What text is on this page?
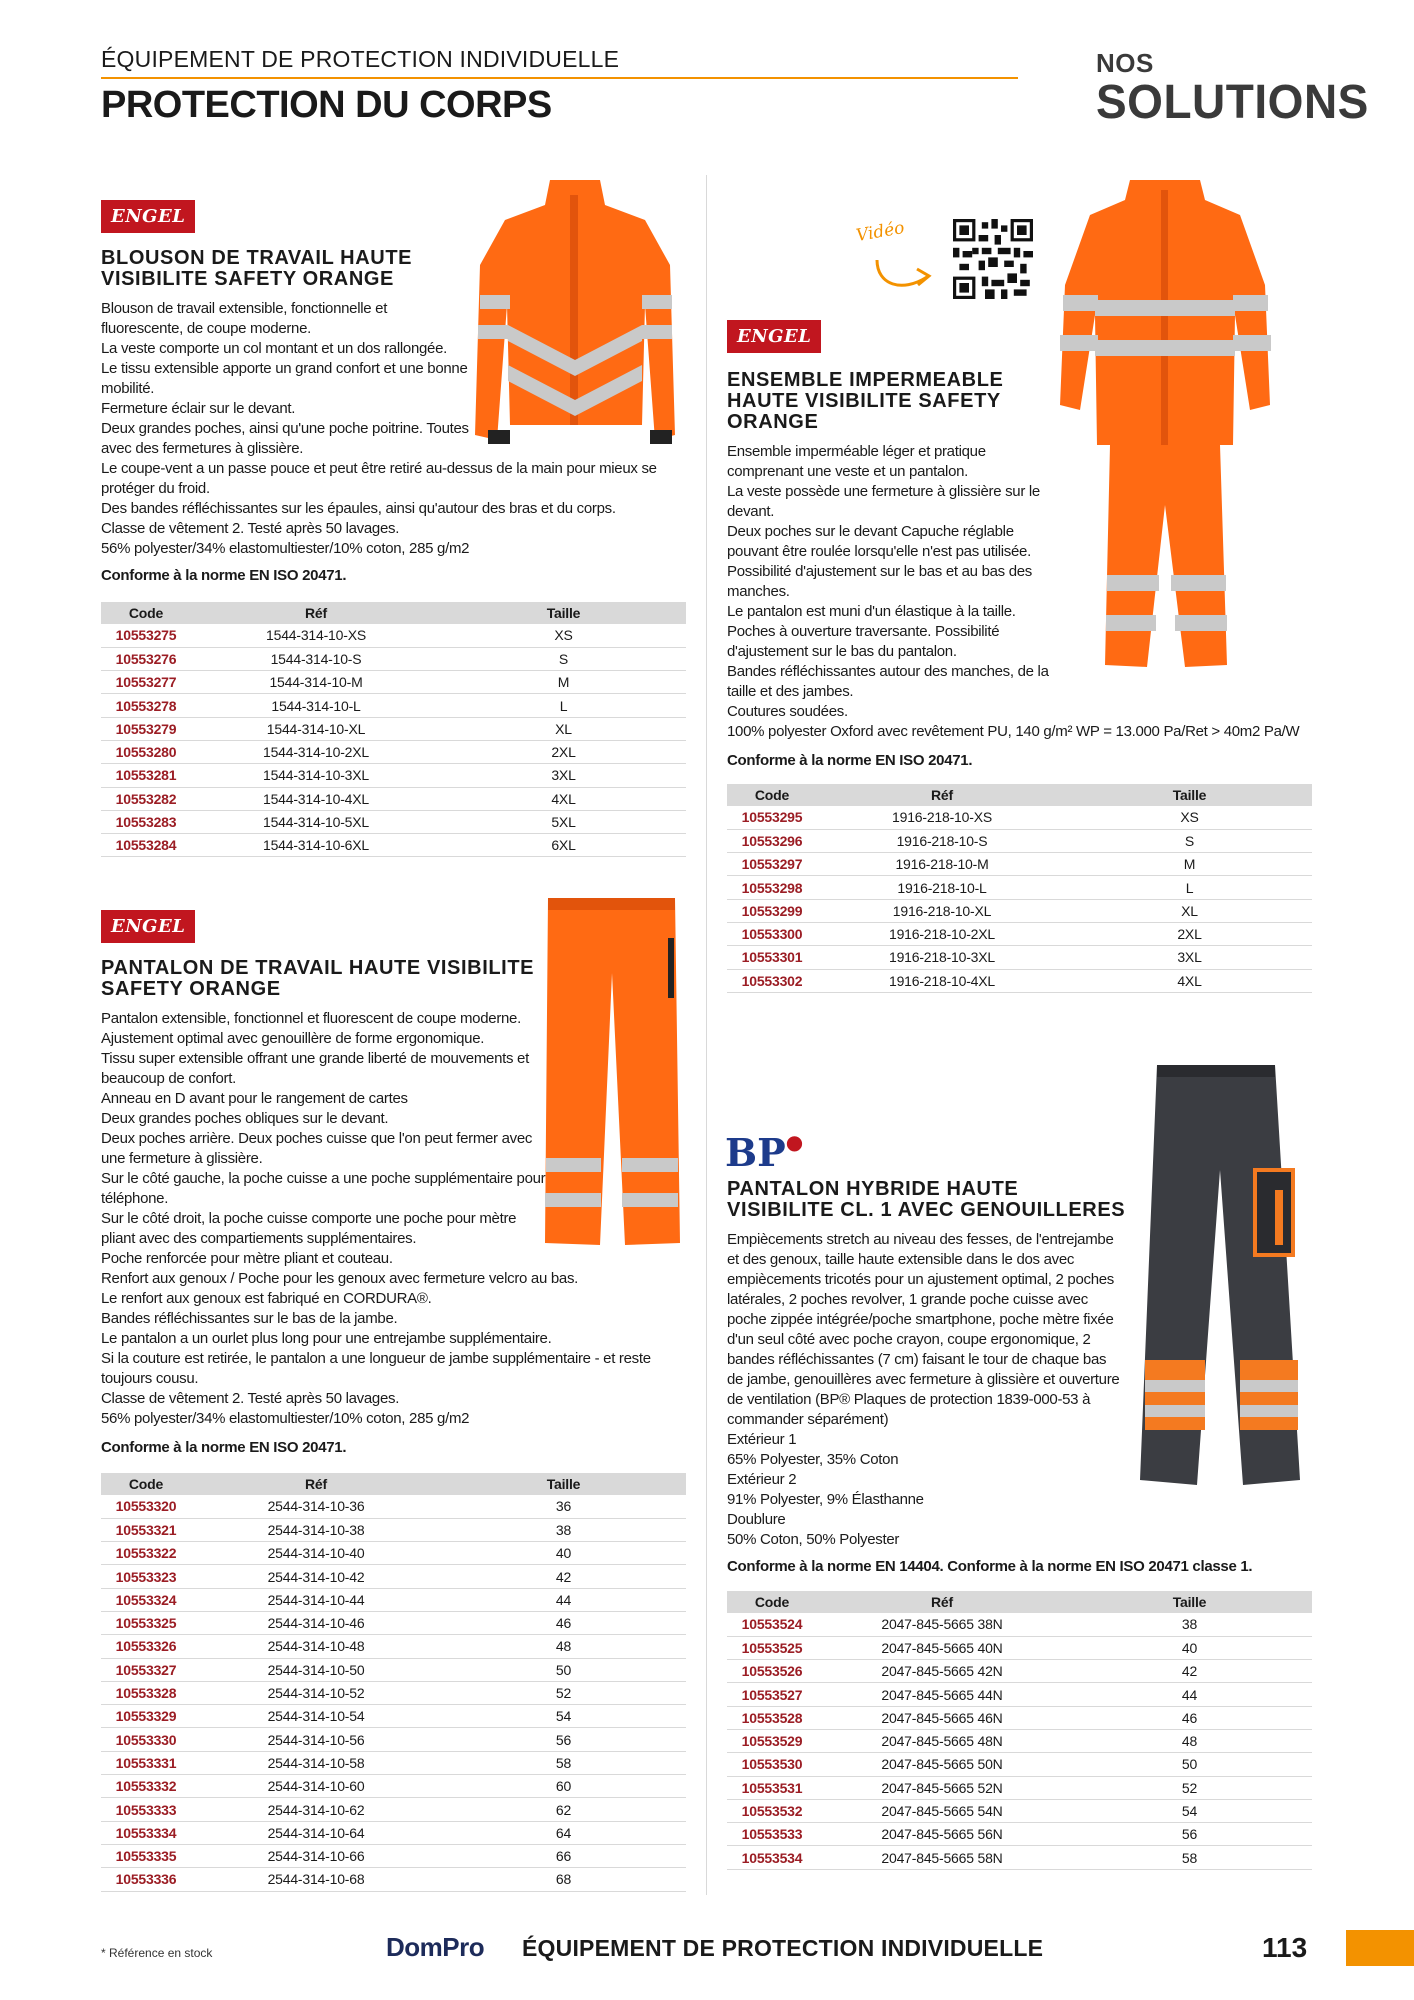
ÉQUIPEMENT DE PROTECTION INDIVIDUELLE
PROTECTION DU CORPS
NOS
SOLUTIONS
ENGEL
BLOUSON DE TRAVAIL HAUTE
VISIBILITE SAFETY ORANGE

Blouson de travail extensible, fonctionnelle et

fluorescente, de coupe moderne.

La veste comporte un col montant et un dos rallongée.

Le tissu extensible apporte un grand confort et une bonne

mobilité.

Fermeture éclair sur le devant.

Deux grandes poches, ainsi qu'une poche poitrine. Toutes

avec des fermetures à glissière.

Le coupe-vent a un passe pouce et peut être retiré au-dessus de la main pour mieux se

protéger du froid.

Des bandes réfléchissantes sur les épaules, ainsi qu'autour des bras et du corps.

Classe de vêtement 2. Testé après 50 lavages.

56% polyester/34% elastomultiester/10% coton, 285 g/m2

Conforme à la norme EN ISO 20471.
Code	Réf	Taille
10553275	1544-314-10-XS	XS
10553276	1544-314-10-S	S
10553277	1544-314-10-M	M
10553278	1544-314-10-L	L
10553279	1544-314-10-XL	XL
10553280	1544-314-10-2XL	2XL
10553281	1544-314-10-3XL	3XL
10553282	1544-314-10-4XL	4XL
10553283	1544-314-10-5XL	5XL
10553284	1544-314-10-6XL	6XL
ENGEL
PANTALON DE TRAVAIL HAUTE VISIBILITE
SAFETY ORANGE

Pantalon extensible, fonctionnel et fluorescent de coupe moderne.

Ajustement optimal avec genouillère de forme ergonomique.

Tissu super extensible offrant une grande liberté de mouvements et

beaucoup de confort.

Anneau en D avant pour le rangement de cartes

Deux grandes poches obliques sur le devant.

Deux poches arrière. Deux poches cuisse que l'on peut fermer avec

une fermeture à glissière.

Sur le côté gauche, la poche cuisse a une poche supplémentaire pour

téléphone.

Sur le côté droit, la poche cuisse comporte une poche pour mètre

pliant avec des compartiements supplémentaires.

Poche renforcée pour mètre pliant et couteau.

Renfort aux genoux / Poche pour les genoux avec fermeture velcro au bas.

Le renfort aux genoux est fabriqué en CORDURA®.

Bandes réfléchissantes sur le bas de la jambe.

Le pantalon a un ourlet plus long pour une entrejambe supplémentaire.

Si la couture est retirée, le pantalon a une longueur de jambe supplémentaire - et reste

toujours cousu.

Classe de vêtement 2. Testé après 50 lavages.

56% polyester/34% elastomultiester/10% coton, 285 g/m2

Conforme à la norme EN ISO 20471.
Code	Réf	Taille
10553320	2544-314-10-36	36
10553321	2544-314-10-38	38
10553322	2544-314-10-40	40
10553323	2544-314-10-42	42
10553324	2544-314-10-44	44
10553325	2544-314-10-46	46
10553326	2544-314-10-48	48
10553327	2544-314-10-50	50
10553328	2544-314-10-52	52
10553329	2544-314-10-54	54
10553330	2544-314-10-56	56
10553331	2544-314-10-58	58
10553332	2544-314-10-60	60
10553333	2544-314-10-62	62
10553334	2544-314-10-64	64
10553335	2544-314-10-66	66
10553336	2544-314-10-68	68
Vidéo
ENGEL
ENSEMBLE IMPERMEABLE
HAUTE VISIBILITE SAFETY
ORANGE

Ensemble imperméable léger et pratique

comprenant une veste et un pantalon.

La veste possède une fermeture à glissière sur le

devant.

Deux poches sur le devant Capuche réglable

pouvant être roulée lorsqu'elle n'est pas utilisée.

Possibilité d'ajustement sur le bas et au bas des

manches.

Le pantalon est muni d'un élastique à la taille.

Poches à ouverture traversante. Possibilité

d'ajustement sur le bas du pantalon.

Bandes réfléchissantes autour des manches, de la

taille et des jambes.

Coutures soudées.

100% polyester Oxford avec revêtement PU, 140 g/m² WP = 13.000 Pa/Ret > 40m2 Pa/W

Conforme à la norme EN ISO 20471.
Code	Réf	Taille
10553295	1916-218-10-XS	XS
10553296	1916-218-10-S	S
10553297	1916-218-10-M	M
10553298	1916-218-10-L	L
10553299	1916-218-10-XL	XL
10553300	1916-218-10-2XL	2XL
10553301	1916-218-10-3XL	3XL
10553302	1916-218-10-4XL	4XL
BP●
PANTALON HYBRIDE HAUTE
VISIBILITE CL. 1 AVEC GENOUILLERES

Empiècements stretch au niveau des fesses, de l'entrejambe

et des genoux, taille haute extensible dans le dos avec

empiècements tricotés pour un ajustement optimal, 2 poches

latérales, 2 poches revolver, 1 grande poche cuisse avec

poche zippée intégrée/poche smartphone, poche mètre fixée

d'un seul côté avec poche crayon, coupe ergonomique, 2

bandes réfléchissantes (7 cm) faisant le tour de chaque bas

de jambe, genouillères avec fermeture à glissière et ouverture

de ventilation (BP® Plaques de protection 1839-000-53 à

commander séparément)

Extérieur 1

65% Polyester, 35% Coton

Extérieur 2

91% Polyester, 9% Élasthanne

Doublure

50% Coton, 50% Polyester

Conforme à la norme EN 14404. Conforme à la norme EN ISO 20471 classe 1.
Code	Réf	Taille
10553524	2047-845-5665 38N	38
10553525	2047-845-5665 40N	40
10553526	2047-845-5665 42N	42
10553527	2047-845-5665 44N	44
10553528	2047-845-5665 46N	46
10553529	2047-845-5665 48N	48
10553530	2047-845-5665 50N	50
10553531	2047-845-5665 52N	52
10553532	2047-845-5665 54N	54
10553533	2047-845-5665 56N	56
10553534	2047-845-5665 58N	58
* Référence en stock	DomPro ÉQUIPEMENT DE PROTECTION INDIVIDUELLE	113
